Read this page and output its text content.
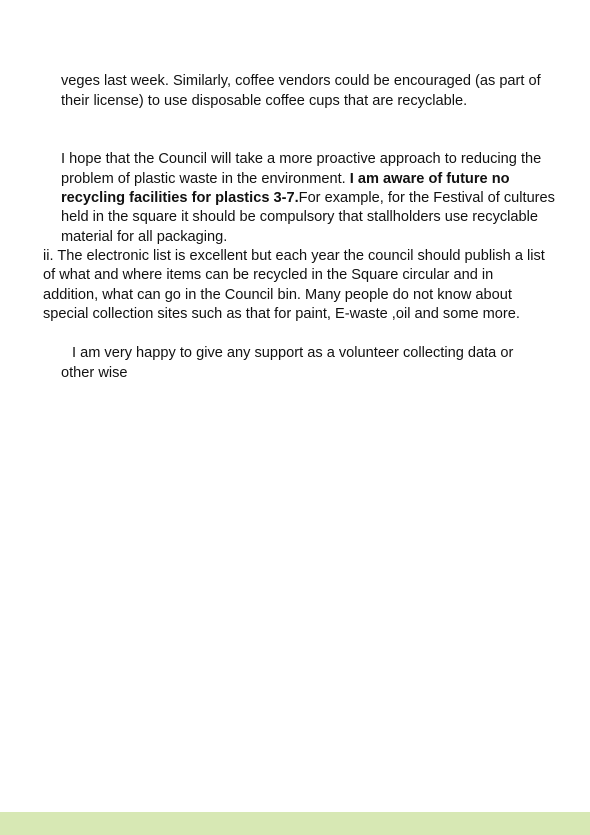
veges last week. Similarly, coffee vendors could be encouraged (as part of

their license) to use disposable coffee cups that are recyclable.

I hope that the Council will take a more proactive approach to reducing the

problem of plastic waste in the environment. I am aware of future no

recycling facilities for plastics 3-7.For example, for the Festival of cultures

held in the square it should be compulsory that stallholders use recyclable

material for all packaging.

ii. The electronic list is excellent but each year the council should publish a list

of what and where items can be recycled in the Square circular and in

addition, what can go in the Council bin. Many people do not know about

special collection sites such as that for paint, E-waste ,oil and some more.

I am very happy to give any support as a volunteer collecting data or

other wise
